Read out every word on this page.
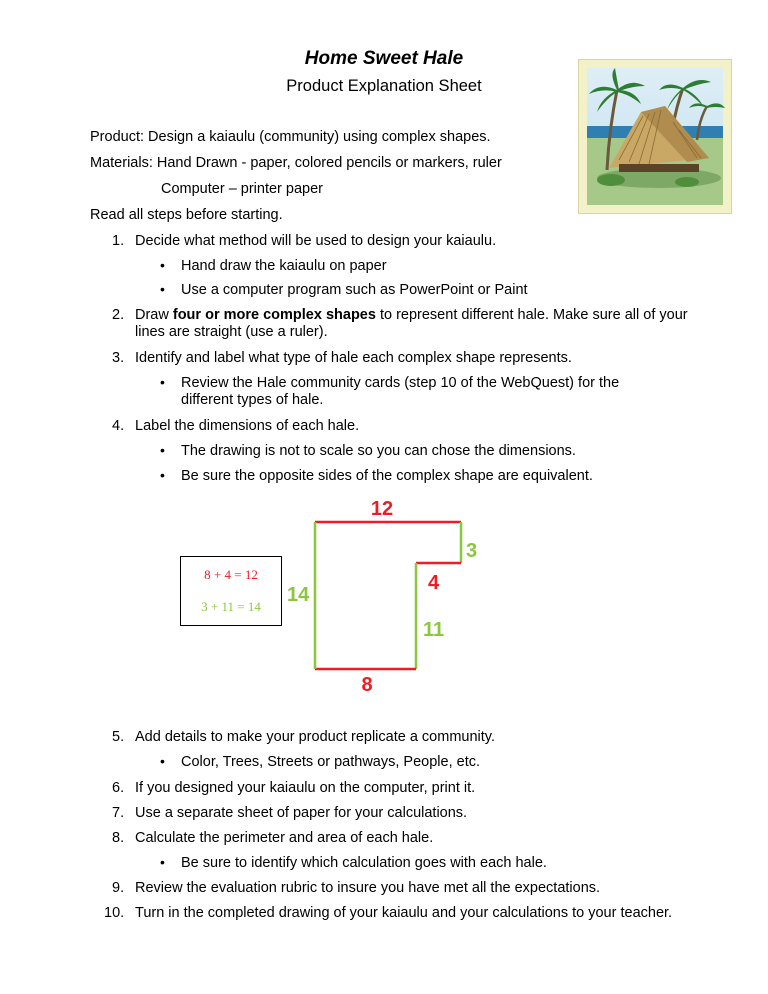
Home Sweet Hale
Product Explanation Sheet
Product: Design a kaiaulu (community) using complex shapes.
Materials: Hand Drawn - paper, colored pencils or markers, ruler
Computer – printer paper
Read all steps before starting.
1. Decide what method will be used to design your kaiaulu.
• Hand draw the kaiaulu on paper
• Use a computer program such as PowerPoint or Paint
2. Draw four or more complex shapes to represent different hale. Make sure all of your lines are straight (use a ruler).
3. Identify and label what type of hale each complex shape represents.
• Review the Hale community cards (step 10 of the WebQuest) for the different types of hale.
4. Label the dimensions of each hale.
• The drawing is not to scale so you can chose the dimensions.
• Be sure the opposite sides of the complex shape are equivalent.
8 + 4 = 12
3 + 11 = 14
12
3
14
4
11
8
5. Add details to make your product replicate a community.
• Color, Trees, Streets or pathways, People, etc.
6. If you designed your kaiaulu on the computer, print it.
7. Use a separate sheet of paper for your calculations.
8. Calculate the perimeter and area of each hale.
• Be sure to identify which calculation goes with each hale.
9. Review the evaluation rubric to insure you have met all the expectations.
10. Turn in the completed drawing of your kaiaulu and your calculations to your teacher.
